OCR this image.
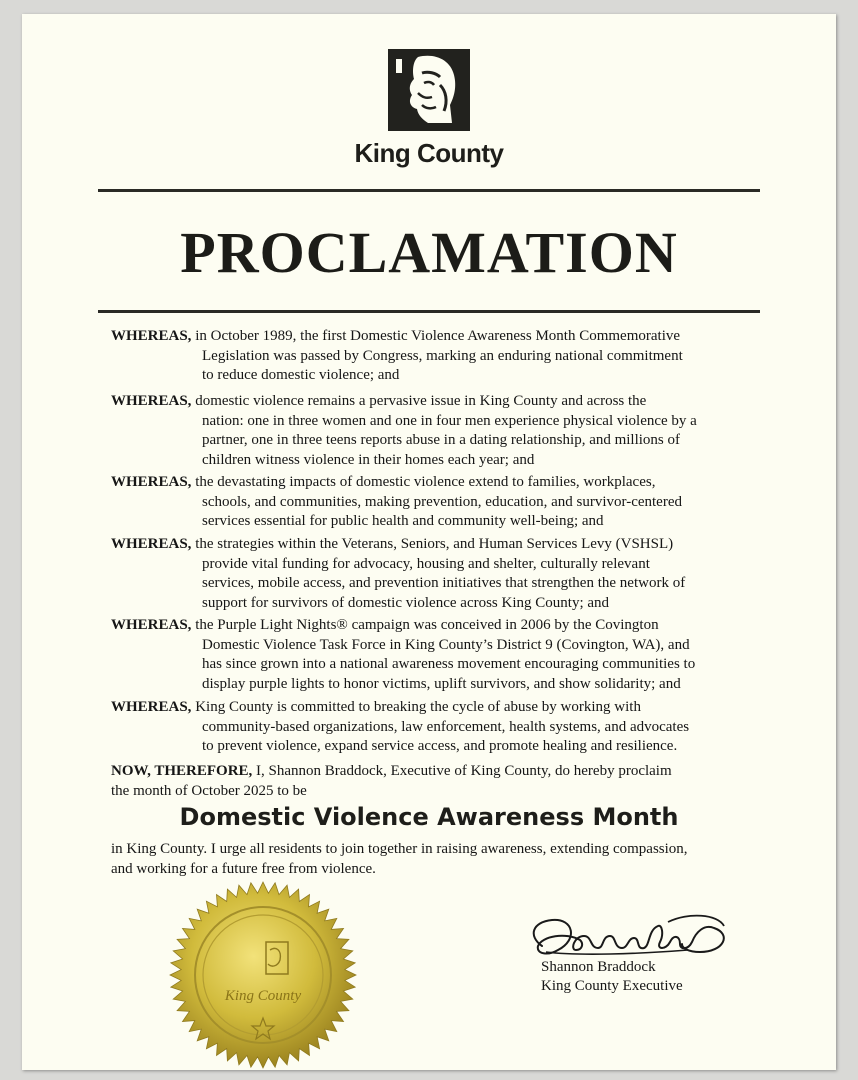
King County
PROCLAMATION
WHEREAS, in October 1989, the first Domestic Violence Awareness Month Commemorative
Legislation was passed by Congress, marking an enduring national commitment
to reduce domestic violence; and
WHEREAS, domestic violence remains a pervasive issue in King County and across the
nation: one in three women and one in four men experience physical violence by a
partner, one in three teens reports abuse in a dating relationship, and millions of
children witness violence in their homes each year; and
WHEREAS, the devastating impacts of domestic violence extend to families, workplaces,
schools, and communities, making prevention, education, and survivor-centered
services essential for public health and community well-being; and
WHEREAS, the strategies within the Veterans, Seniors, and Human Services Levy (VSHSL)
provide vital funding for advocacy, housing and shelter, culturally relevant
services, mobile access, and prevention initiatives that strengthen the network of
support for survivors of domestic violence across King County; and
WHEREAS, the Purple Light Nights® campaign was conceived in 2006 by the Covington
Domestic Violence Task Force in King County’s District 9 (Covington, WA), and
has since grown into a national awareness movement encouraging communities to
display purple lights to honor victims, uplift survivors, and show solidarity; and
WHEREAS, King County is committed to breaking the cycle of abuse by working with
community-based organizations, law enforcement, health systems, and advocates
to prevent violence, expand service access, and promote healing and resilience.
NOW, THEREFORE, I, Shannon Braddock, Executive of King County, do hereby proclaim
the month of October 2025 to be
Domestic Violence Awareness Month
in King County. I urge all residents to join together in raising awareness, extending compassion,
and working for a future free from violence.
King County
Shannon Braddock
King County Executive
